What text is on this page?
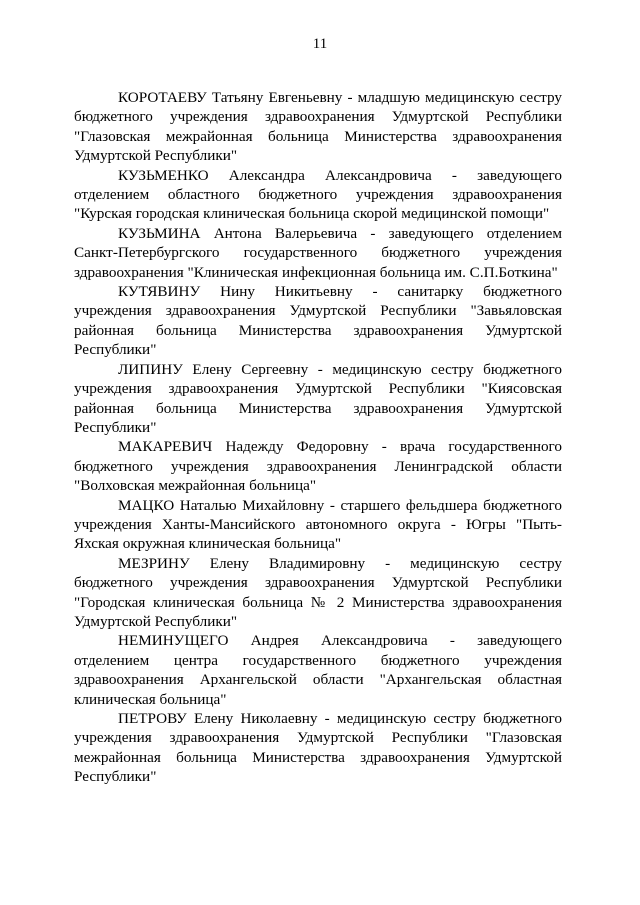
11

КОРОТАЕВУ Татьяну Евгеньевну - младшую медицинскую сестру бюджетного учреждения здравоохранения Удмуртской Республики "Глазовская межрайонная больница Министерства здравоохранения Удмуртской Республики"

КУЗЬМЕНКО Александра Александровича - заведующего отделением областного бюджетного учреждения здравоохранения "Курская городская клиническая больница скорой медицинской помощи"

КУЗЬМИНА Антона Валерьевича - заведующего отделением Санкт-Петербургского государственного бюджетного учреждения здравоохранения "Клиническая инфекционная больница им. С.П.Боткина"

КУТЯВИНУ Нину Никитьевну - санитарку бюджетного учреждения здравоохранения Удмуртской Республики "Завьяловская районная больница Министерства здравоохранения Удмуртской Республики"

ЛИПИНУ Елену Сергеевну - медицинскую сестру бюджетного учреждения здравоохранения Удмуртской Республики "Киясовская районная больница Министерства здравоохранения Удмуртской Республики"

МАКАРЕВИЧ Надежду Федоровну - врача государственного бюджетного учреждения здравоохранения Ленинградской области "Волховская межрайонная больница"

МАЦКО Наталью Михайловну - старшего фельдшера бюджетного учреждения Ханты-Мансийского автономного округа - Югры "Пыть-Яхская окружная клиническая больница"

МЕЗРИНУ Елену Владимировну - медицинскую сестру бюджетного учреждения здравоохранения Удмуртской Республики "Городская клиническая больница № 2 Министерства здравоохранения Удмуртской Республики"

НЕМИНУЩЕГО Андрея Александровича - заведующего отделением центра государственного бюджетного учреждения здравоохранения Архангельской области "Архангельская областная клиническая больница"

ПЕТРОВУ Елену Николаевну - медицинскую сестру бюджетного учреждения здравоохранения Удмуртской Республики "Глазовская межрайонная больница Министерства здравоохранения Удмуртской Республики"
